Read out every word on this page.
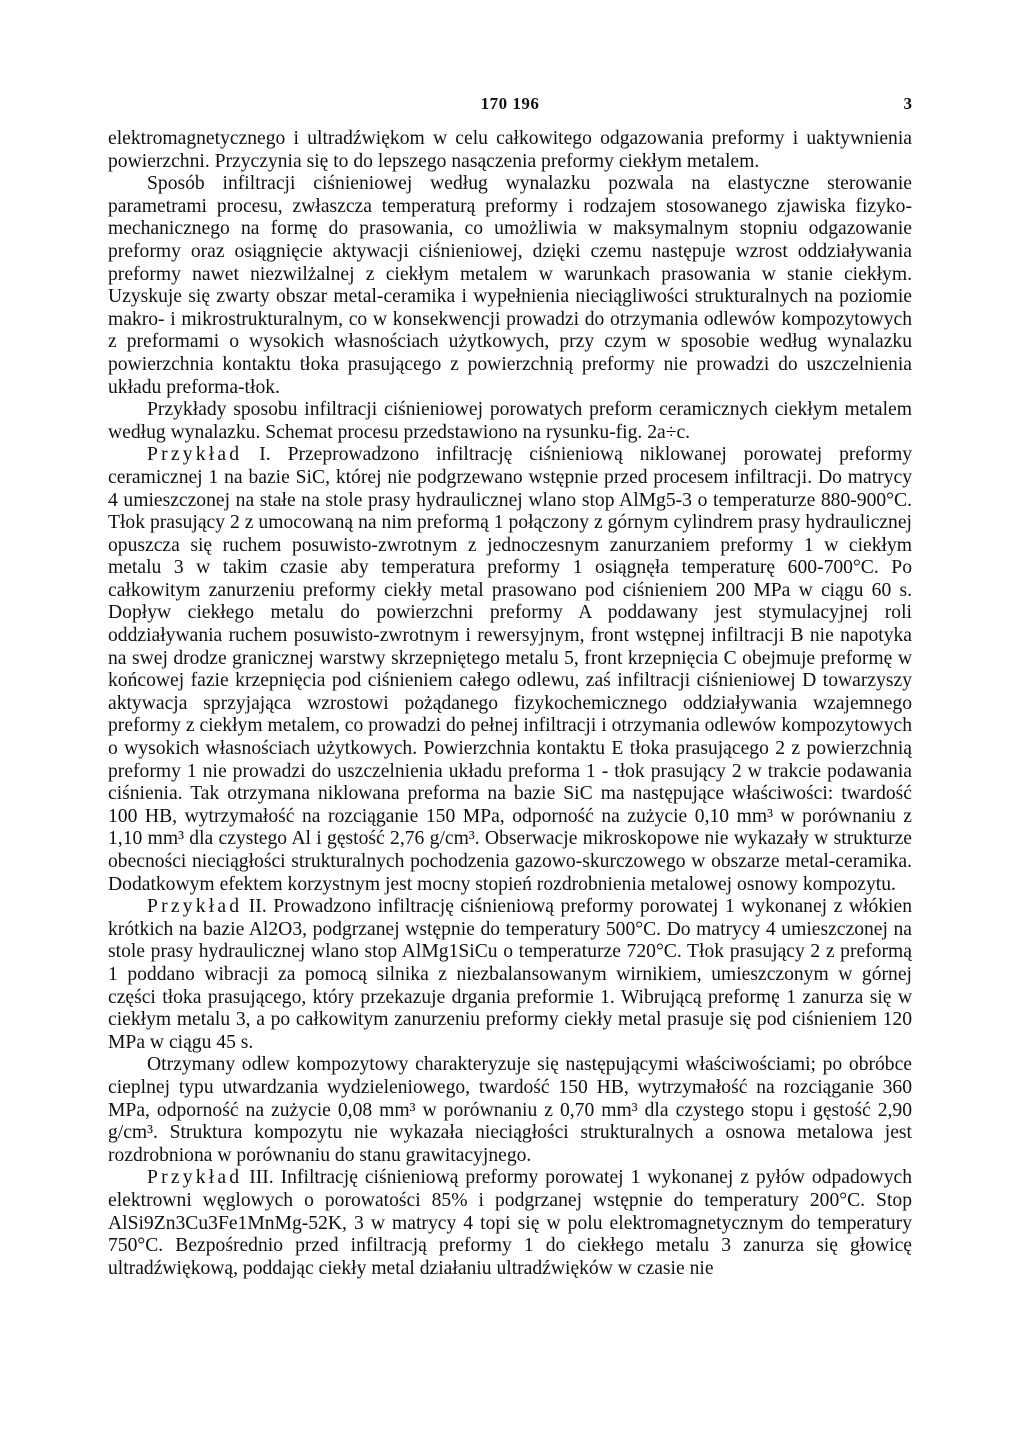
170 196	3

elektromagnetycznego i ultradźwiękom w celu całkowitego odgazowania preformy i uaktywnienia powierzchni. Przyczynia się to do lepszego nasączenia preformy ciekłym metalem.

Sposób infiltracji ciśnieniowej według wynalazku pozwala na elastyczne sterowanie parametrami procesu, zwłaszcza temperaturą preformy i rodzajem stosowanego zjawiska fizyko-mechanicznego na formę do prasowania, co umożliwia w maksymalnym stopniu odgazowanie preformy oraz osiągnięcie aktywacji ciśnieniowej, dzięki czemu następuje wzrost oddziaływania preformy nawet niezwilżalnej z ciekłym metalem w warunkach prasowania w stanie ciekłym. Uzyskuje się zwarty obszar metal-ceramika i wypełnienia nieciągliwości strukturalnych na poziomie makro- i mikrostrukturalnym, co w konsekwencji prowadzi do otrzymania odlewów kompozytowych z preformami o wysokich własnościach użytkowych, przy czym w sposobie według wynalazku powierzchnia kontaktu tłoka prasującego z powierzchnią preformy nie prowadzi do uszczelnienia układu preforma-tłok.

Przykłady sposobu infiltracji ciśnieniowej porowatych preform ceramicznych ciekłym metalem według wynalazku. Schemat procesu przedstawiono na rysunku-fig. 2a÷c.

Przykład I. Przeprowadzono infiltrację ciśnieniową niklowanej porowatej preformy ceramicznej 1 na bazie SiC, której nie podgrzewano wstępnie przed procesem infiltracji. Do matrycy 4 umieszczonej na stałe na stole prasy hydraulicznej wlano stop AlMg5-3 o temperaturze 880-900°C. Tłok prasujący 2 z umocowaną na nim preformą 1 połączony z górnym cylindrem prasy hydraulicznej opuszcza się ruchem posuwisto-zwrotnym z jednoczesnym zanurzaniem preformy 1 w ciekłym metalu 3 w takim czasie aby temperatura preformy 1 osiągnęła temperaturę 600-700°C. Po całkowitym zanurzeniu preformy ciekły metal prasowano pod ciśnieniem 200 MPa w ciągu 60 s. Dopływ ciekłego metalu do powierzchni preformy A poddawany jest stymulacyjnej roli oddziaływania ruchem posuwisto-zwrotnym i rewersyjnym, front wstępnej infiltracji B nie napotyka na swej drodze granicznej warstwy skrzepniętego metalu 5, front krzepnięcia C obejmuje preformę w końcowej fazie krzepnięcia pod ciśnieniem całego odlewu, zaś infiltracji ciśnieniowej D towarzyszy aktywacja sprzyjająca wzrostowi pożądanego fizykochemicznego oddziaływania wzajemnego preformy z ciekłym metalem, co prowadzi do pełnej infiltracji i otrzymania odlewów kompozytowych o wysokich własnościach użytkowych. Powierzchnia kontaktu E tłoka prasującego 2 z powierzchnią preformy 1 nie prowadzi do uszczelnienia układu preforma 1 - tłok prasujący 2 w trakcie podawania ciśnienia. Tak otrzymana niklowana preforma na bazie SiC ma następujące właściwości: twardość 100 HB, wytrzymałość na rozciąganie 150 MPa, odporność na zużycie 0,10 mm³ w porównaniu z 1,10 mm³ dla czystego Al i gęstość 2,76 g/cm³. Obserwacje mikroskopowe nie wykazały w strukturze obecności nieciągłości strukturalnych pochodzenia gazowo-skurczowego w obszarze metal-ceramika. Dodatkowym efektem korzystnym jest mocny stopień rozdrobnienia metalowej osnowy kompozytu.

Przykład II. Prowadzono infiltrację ciśnieniową preformy porowatej 1 wykonanej z włókien krótkich na bazie Al2O3, podgrzanej wstępnie do temperatury 500°C. Do matrycy 4 umieszczonej na stole prasy hydraulicznej wlano stop AlMg1SiCu o temperaturze 720°C. Tłok prasujący 2 z preformą 1 poddano wibracji za pomocą silnika z niezbalansowanym wirnikiem, umieszczonym w górnej części tłoka prasującego, który przekazuje drgania preformie 1. Wibrującą preformę 1 zanurza się w ciekłym metalu 3, a po całkowitym zanurzeniu preformy ciekły metal prasuje się pod ciśnieniem 120 MPa w ciągu 45 s.

Otrzymany odlew kompozytowy charakteryzuje się następującymi właściwościami; po obróbce cieplnej typu utwardzania wydzieleniowego, twardość 150 HB, wytrzymałość na rozciąganie 360 MPa, odporność na zużycie 0,08 mm³ w porównaniu z 0,70 mm³ dla czystego stopu i gęstość 2,90 g/cm³. Struktura kompozytu nie wykazała nieciągłości strukturalnych a osnowa metalowa jest rozdrobniona w porównaniu do stanu grawitacyjnego.

Przykład III. Infiltrację ciśnieniową preformy porowatej 1 wykonanej z pyłów odpadowych elektrowni węglowych o porowatości 85% i podgrzanej wstępnie do temperatury 200°C. Stop AlSi9Zn3Cu3Fe1MnMg-52K, 3 w matrycy 4 topi się w polu elektromagnetycznym do temperatury 750°C. Bezpośrednio przed infiltracją preformy 1 do ciekłego metalu 3 zanurza się głowicę ultradźwiękową, poddając ciekły metal działaniu ultradźwięków w czasie nie
